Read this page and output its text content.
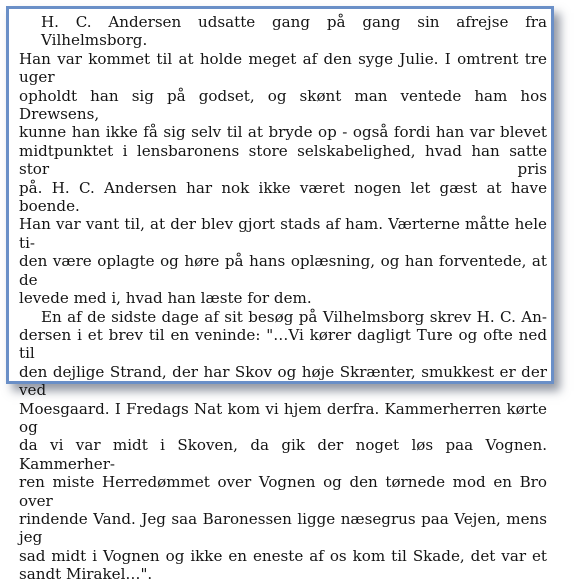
H. C. Andersen udsatte gang på gang sin afrejse fra Vilhelmsborg.
Han var kommet til at holde meget af den syge Julie. I omtrent tre uger
opholdt han sig på godset, og skønt man ventede ham hos Drewsens,
kunne han ikke få sig selv til at bryde op - også fordi han var blevet
midtpunktet i lensbaronens store selskabelighed, hvad han satte stor pris
på. H. C. Andersen har nok ikke været nogen let gæst at have boende.
Han var vant til, at der blev gjort stads af ham. Værterne måtte hele ti-
den være oplagte og høre på hans oplæsning, og han forventede, at de
levede med i, hvad han læste for dem.
En af de sidste dage af sit besøg på Vilhelmsborg skrev H. C. An-
dersen i et brev til en veninde: "…Vi kører dagligt Ture og ofte ned til
den dejlige Strand, der har Skov og høje Skrænter, smukkest er der ved
Moesgaard. I Fredags Nat kom vi hjem derfra. Kammerherren kørte og
da vi var midt i Skoven, da gik der noget løs paa Vognen. Kammerher-
ren miste Herredømmet over Vognen og den tørnede mod en Bro over
rindende Vand. Jeg saa Baronessen ligge næsegrus paa Vejen, mens jeg
sad midt i Vognen og ikke en eneste af os kom til Skade, det var et
sandt Mirakel…".
